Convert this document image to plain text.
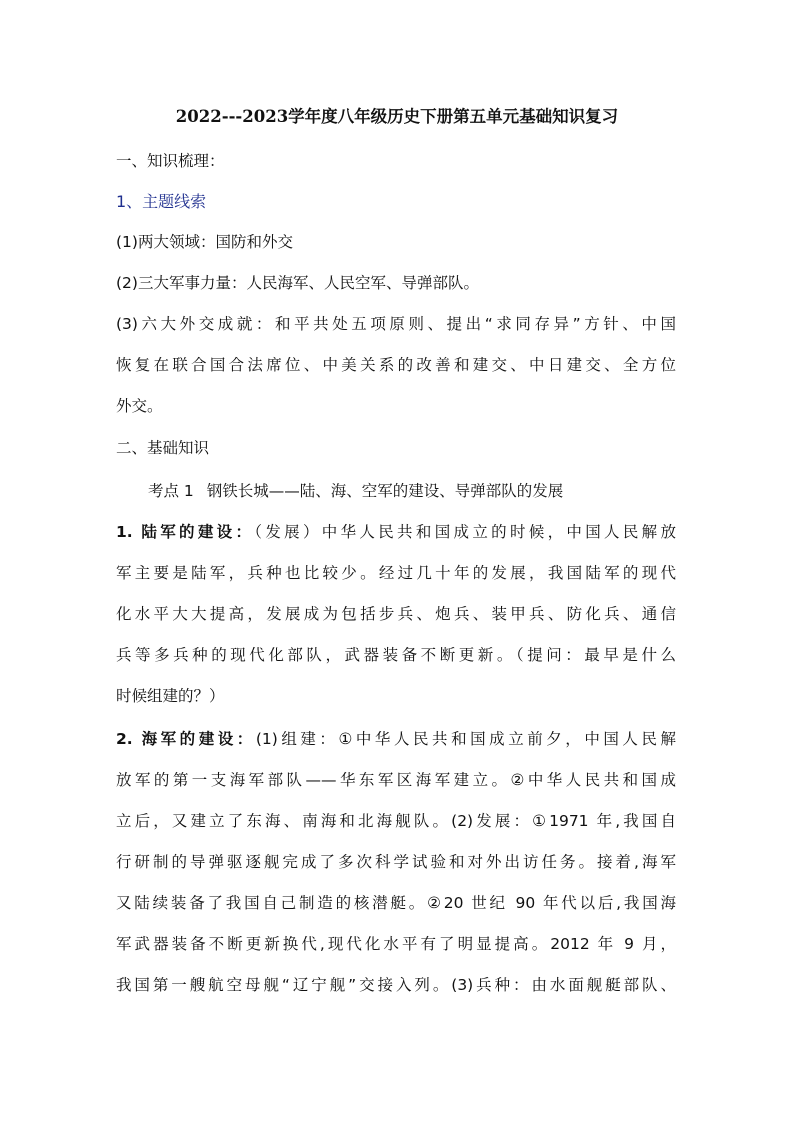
2022---2023学年度八年级历史下册第五单元基础知识复习
一、知识梳理：
1、主题线索
(1)两大领域：国防和外交
(2)三大军事力量：人民海军、人民空军、导弹部队。
(3)六大外交成就：和平共处五项原则、提出“求同存异”方针、中国
恢复在联合国合法席位、中美关系的改善和建交、中日建交、全方位
外交。
二、基础知识
考点 1 钢铁长城——陆、海、空军的建设、导弹部队的发展
1. 陆军的建设：（发展）中华人民共和国成立的时候，中国人民解放
军主要是陆军，兵种也比较少。经过几十年的发展，我国陆军的现代
化水平大大提高，发展成为包括步兵、炮兵、装甲兵、防化兵、通信
兵等多兵种的现代化部队，武器装备不断更新。（提问：最早是什么
时候组建的？）
2. 海军的建设：(1)组建：①中华人民共和国成立前夕，中国人民解
放军的第一支海军部队——华东军区海军建立。②中华人民共和国成
立后，又建立了东海、南海和北海舰队。(2)发展：①1971 年,我国自
行研制的导弹驱逐舰完成了多次科学试验和对外出访任务。接着,海军
又陆续装备了我国自己制造的核潜艇。②20 世纪 90 年代以后,我国海
军武器装备不断更新换代,现代化水平有了明显提高。2012 年 9 月，
我国第一艘航空母舰“辽宁舰”交接入列。(3)兵种：由水面舰艇部队、
